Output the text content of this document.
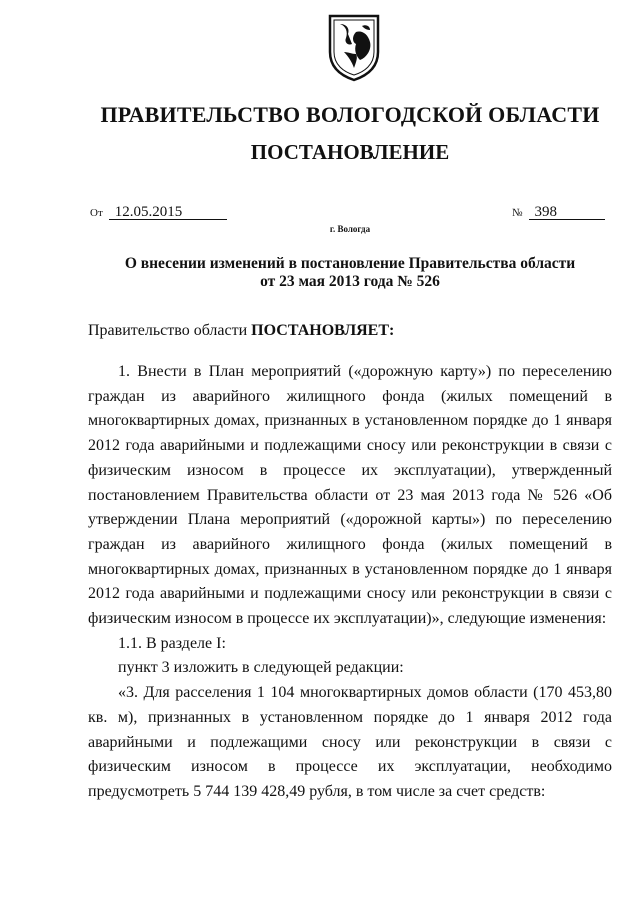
ПРАВИТЕЛЬСТВО ВОЛОГОДСКОЙ ОБЛАСТИ
ПОСТАНОВЛЕНИЕ
От 12.05.2015	№ 398
г. Вологда
О внесении изменений в постановление Правительства области
от 23 мая 2013 года № 526
Правительство области ПОСТАНОВЛЯЕТ:

1. Внести в План мероприятий («дорожную карту») по переселению граждан из аварийного жилищного фонда (жилых помещений в многоквартирных домах, признанных в установленном порядке до 1 января 2012 года аварийными и подлежащими сносу или реконструкции в связи с физическим износом в процессе их эксплуатации), утвержденный постановлением Правительства области от 23 мая 2013 года № 526 «Об утверждении Плана мероприятий («дорожной карты») по переселению граждан из аварийного жилищного фонда (жилых помещений в многоквартирных домах, признанных в установленном порядке до 1 января 2012 года аварийными и подлежащими сносу или реконструкции в связи с физическим износом в процессе их эксплуатации)», следующие изменения:

1.1. В разделе I:

пункт 3 изложить в следующей редакции:

«3. Для расселения 1 104 многоквартирных домов области (170 453,80 кв. м), признанных в установленном порядке до 1 января 2012 года аварийными и подлежащими сносу или реконструкции в связи с физическим износом в процессе их эксплуатации, необходимо предусмотреть 5 744 139 428,49 рубля, в том числе за счет средств:
